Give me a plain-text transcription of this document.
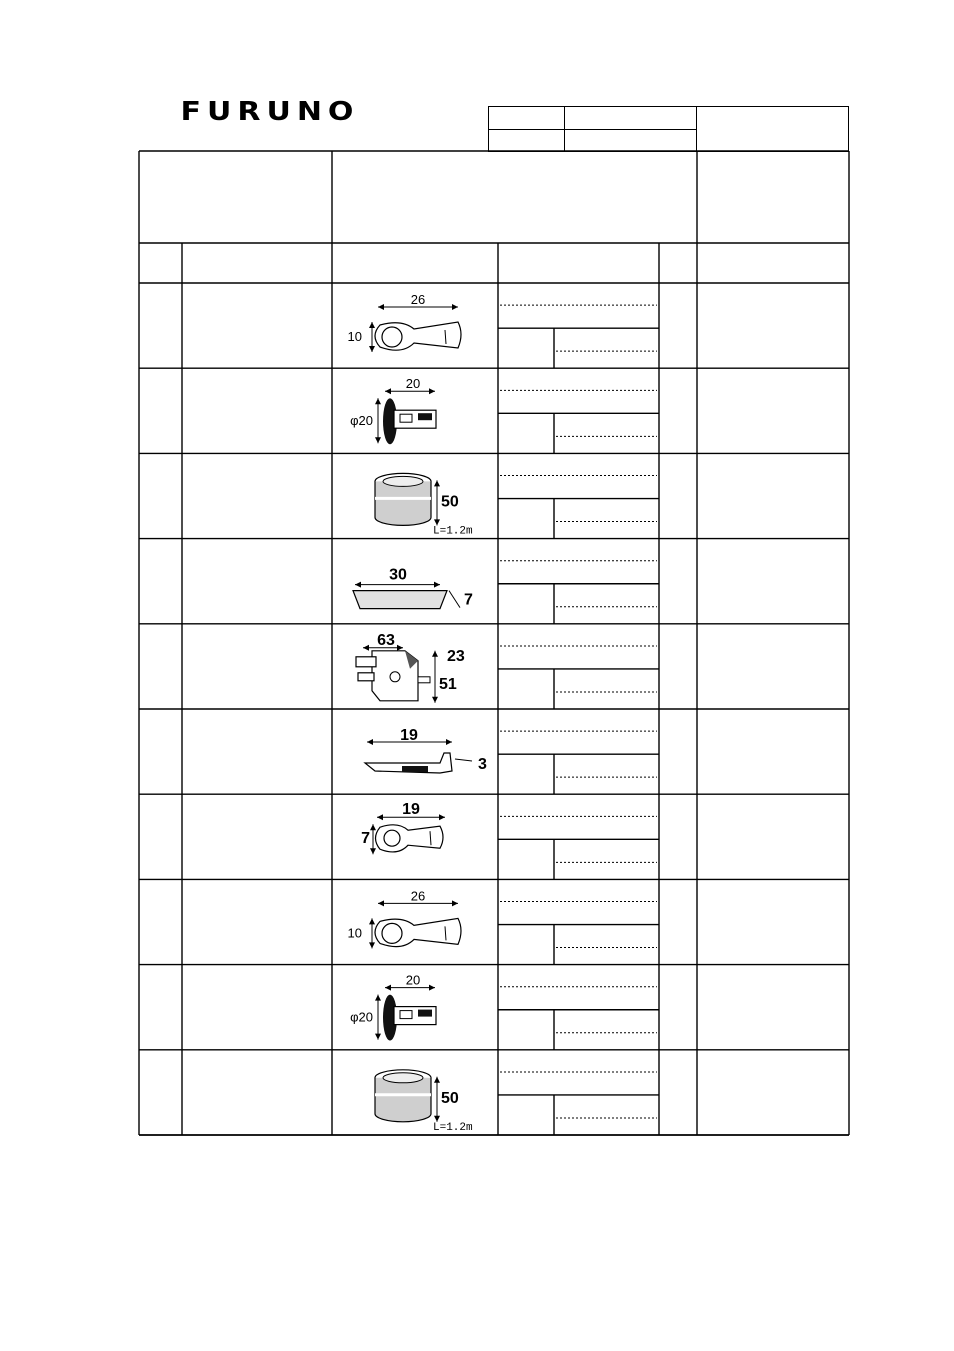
FURUNO
26
10
20
φ20
50
L=1.2m
30
7
63
23
51
19
3
19
7
26
10
20
φ20
50
L=1.2m
